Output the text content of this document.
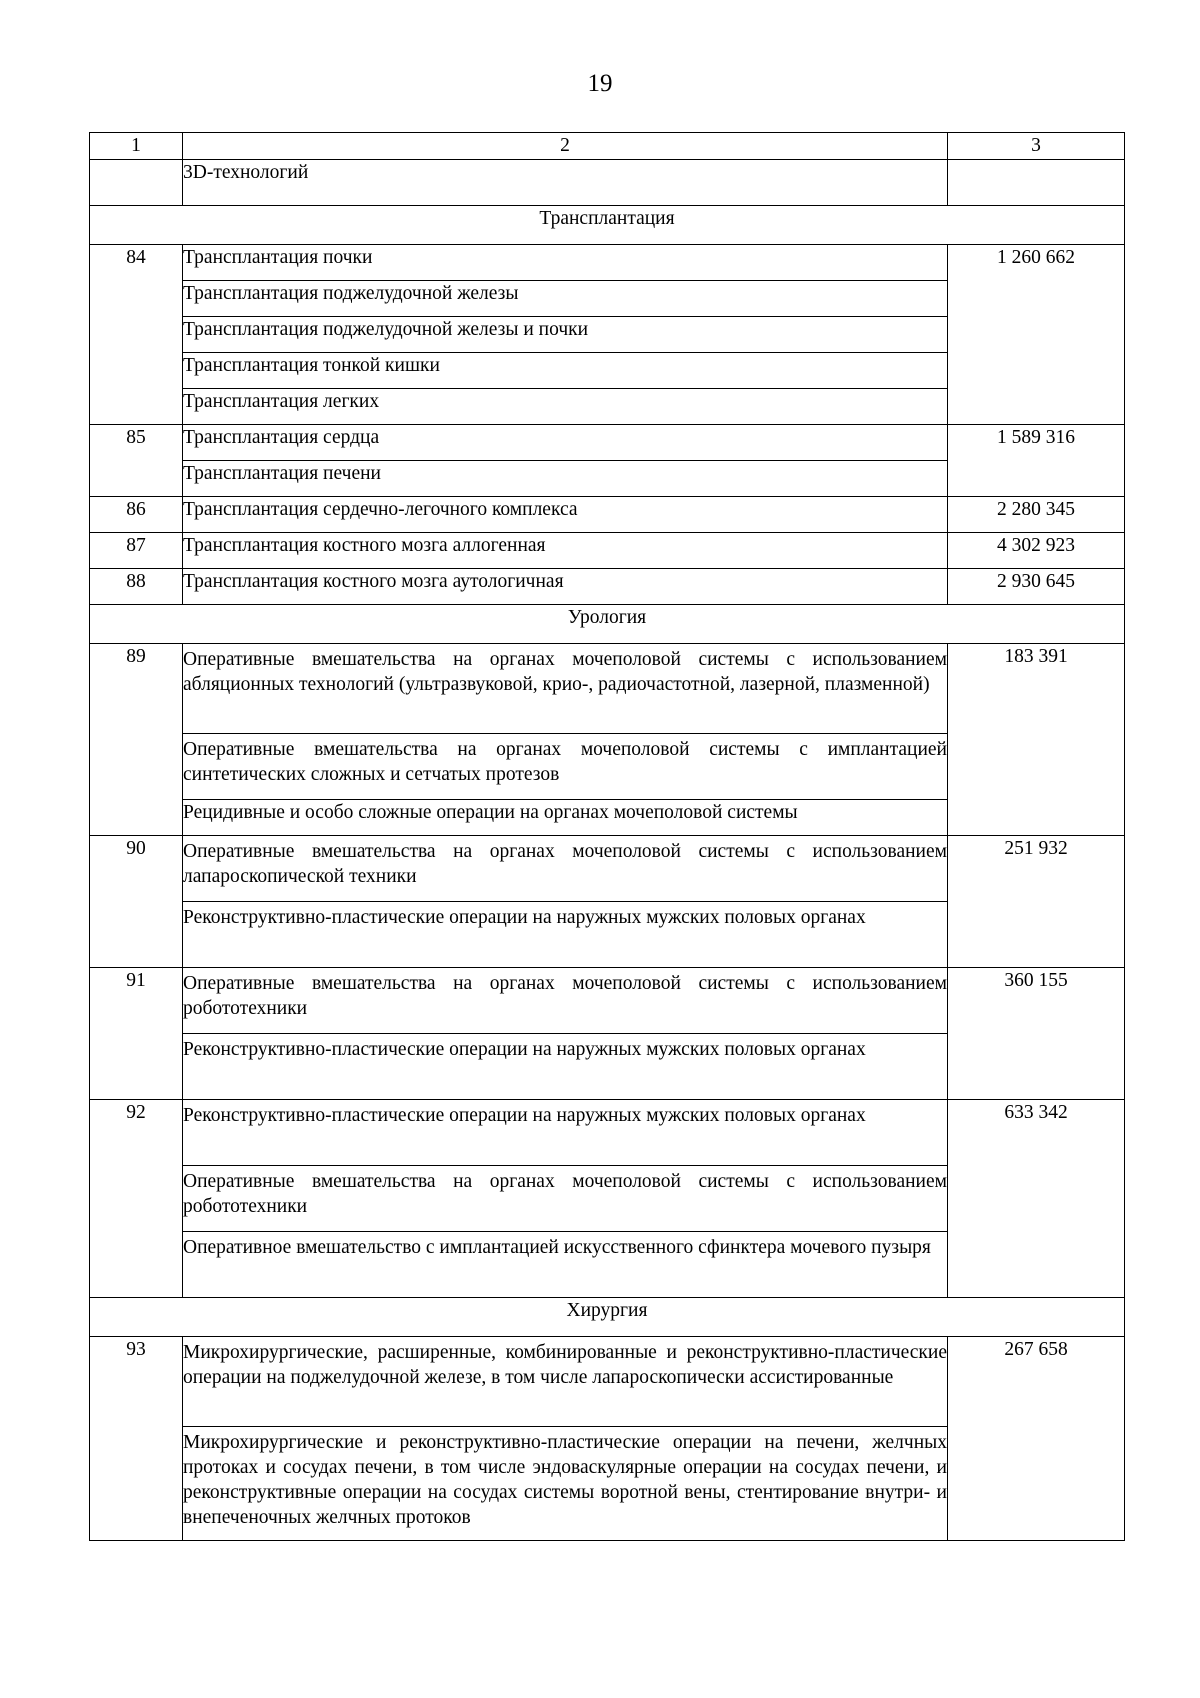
19
1	2	3

	3D-технологий	

Трансплантация		
84	Трансплантация почки	1 260 662

	Трансплантация поджелудочной железы	

	Трансплантация поджелудочной железы и почки	

	Трансплантация тонкой кишки	

	Трансплантация легких	

85	Трансплантация сердца	1 589 316

	Трансплантация печени	

86	Трансплантация сердечно-легочного комплекса	2 280 345
87	Трансплантация костного мозга аллогенная	4 302 923
88	Трансплантация костного мозга аутологичная	2 930 645
Урология		
89	Оперативные вмешательства на органах мочеполовой системы с использованием абляционных технологий (ультразвуковой, крио-, радиочастотной, лазерной, плазменной)	183 391

	Оперативные вмешательства на органах мочеполовой системы с имплантацией синтетических сложных и сетчатых протезов	

	Рецидивные и особо сложные операции на органах мочеполовой системы	

90	Оперативные вмешательства на органах мочеполовой системы с использованием лапароскопической техники	251 932

	Реконструктивно-пластические операции на наружных мужских половых органах	

91	Оперативные вмешательства на органах мочеполовой системы с использованием робототехники	360 155

	Реконструктивно-пластические операции на наружных мужских половых органах	

92	Реконструктивно-пластические операции на наружных мужских половых органах	633 342

	Оперативные вмешательства на органах мочеполовой системы с использованием робототехники	

	Оперативное вмешательство с имплантацией искусственного сфинктера мочевого пузыря	

Хирургия		
93	Микрохирургические, расширенные, комбинированные и реконструктивно-пластические операции на поджелудочной железе, в том числе лапароскопически ассистированные	267 658

	Микрохирургические и реконструктивно-пластические операции на печени, желчных протоках и сосудах печени, в том числе эндоваскулярные операции на сосудах печени, и реконструктивные операции на сосудах системы воротной вены, стентирование внутри- и внепеченочных желчных протоков	
